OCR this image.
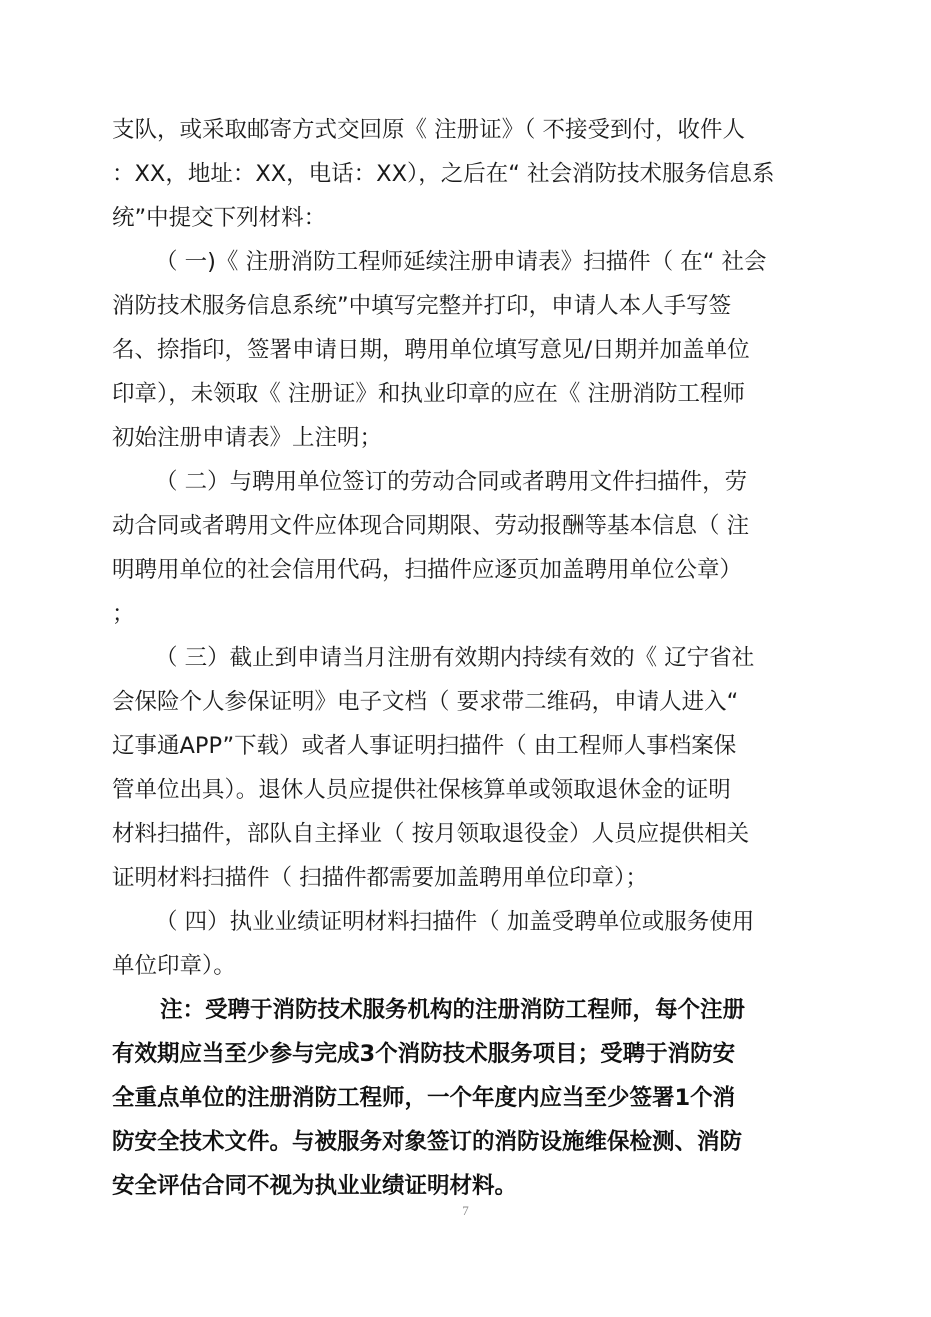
支队，或采取邮寄方式交回原《 注册证》（ 不接受到付，收件人
：XX，地址：XX，电话：XX），之后在“ 社会消防技术服务信息系
统”中提交下列材料：
（ 一)《 注册消防工程师延续注册申请表》扫描件（ 在“ 社会
消防技术服务信息系统”中填写完整并打印，申请人本人手写签
名、捺指印，签署申请日期，聘用单位填写意见/日期并加盖单位
印章），未领取《 注册证》和执业印章的应在《 注册消防工程师
初始注册申请表》上注明；
（ 二）与聘用单位签订的劳动合同或者聘用文件扫描件，劳
动合同或者聘用文件应体现合同期限、劳动报酬等基本信息（ 注
明聘用单位的社会信用代码，扫描件应逐页加盖聘用单位公章）
；
（ 三）截止到申请当月注册有效期内持续有效的《 辽宁省社
会保险个人参保证明》电子文档（ 要求带二维码，申请人进入“
辽事通APP”下载）或者人事证明扫描件（ 由工程师人事档案保
管单位出具）。退休人员应提供社保核算单或领取退休金的证明
材料扫描件，部队自主择业（ 按月领取退役金）人员应提供相关
证明材料扫描件（ 扫描件都需要加盖聘用单位印章）；
（ 四）执业业绩证明材料扫描件（ 加盖受聘单位或服务使用
单位印章）。
注：受聘于消防技术服务机构的注册消防工程师，每个注册
有效期应当至少参与完成3个消防技术服务项目；受聘于消防安
全重点单位的注册消防工程师，一个年度内应当至少签署1个消
防安全技术文件。与被服务对象签订的消防设施维保检测、消防
安全评估合同不视为执业业绩证明材料。
7
